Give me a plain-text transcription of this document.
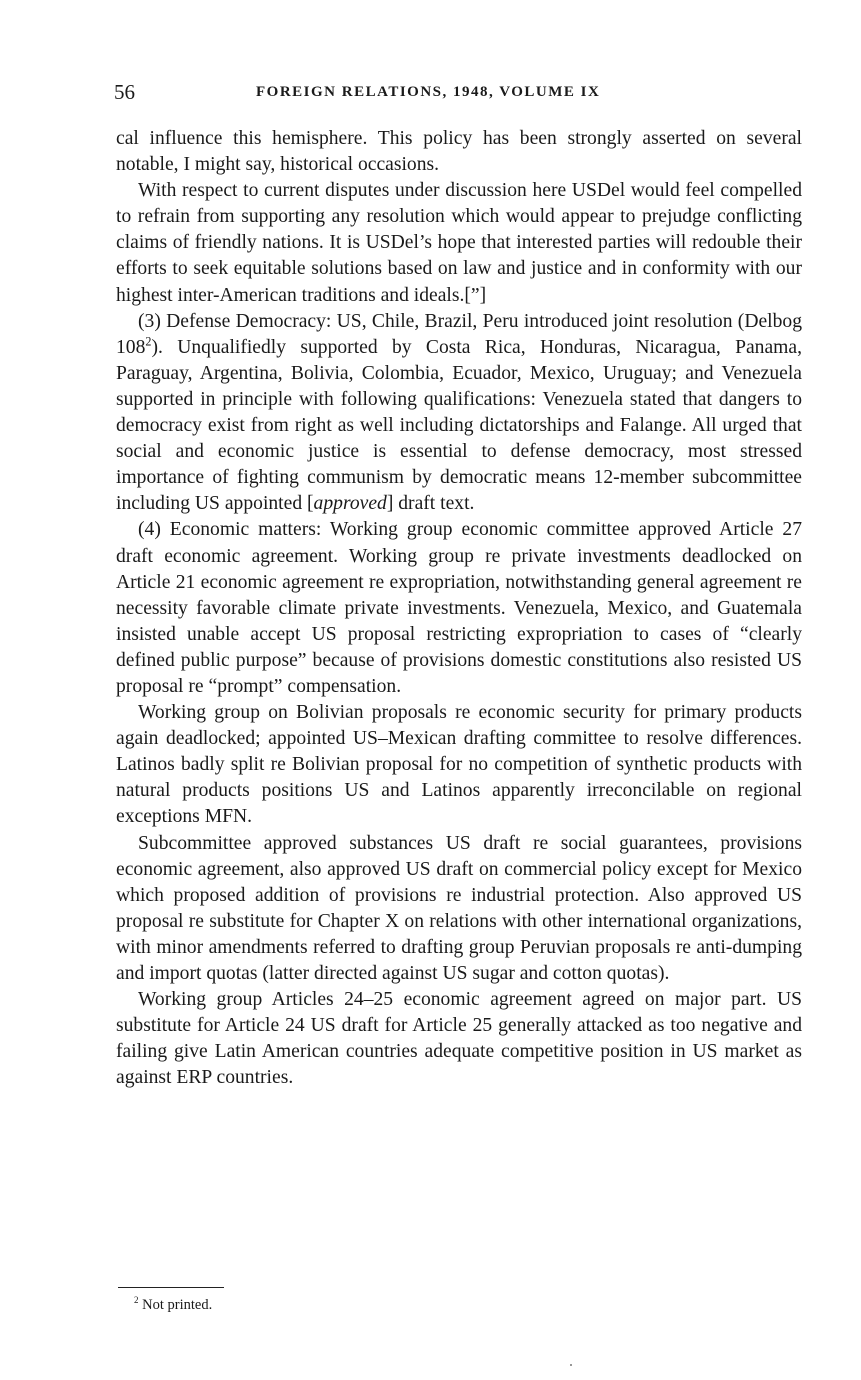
56	FOREIGN RELATIONS, 1948, VOLUME IX

cal influence this hemisphere. This policy has been strongly asserted on several notable, I might say, historical occasions.

With respect to current disputes under discussion here USDel would feel compelled to refrain from supporting any resolution which would appear to prejudge conflicting claims of friendly nations. It is USDel’s hope that interested parties will redouble their efforts to seek equitable solutions based on law and justice and in conformity with our highest inter-American traditions and ideals.[”]

(3) Defense Democracy: US, Chile, Brazil, Peru introduced joint resolution (Delbog $108^2$). Unqualifiedly supported by Costa Rica, Honduras, Nicaragua, Panama, Paraguay, Argentina, Bolivia, Colombia, Ecuador, Mexico, Uruguay; and Venezuela supported in principle with following qualifications: Venezuela stated that dangers to democracy exist from right as well including dictatorships and Falange. All urged that social and economic justice is essential to defense democracy, most stressed importance of fighting communism by democratic means 12-member subcommittee including US appointed [approved] draft text.

(4) Economic matters: Working group economic committee approved Article 27 draft economic agreement. Working group re private investments deadlocked on Article 21 economic agreement re expropriation, notwithstanding general agreement re necessity favorable climate private investments. Venezuela, Mexico, and Guatemala insisted unable accept US proposal restricting expropriation to cases of “clearly defined public purpose” because of provisions domestic constitutions also resisted US proposal re “prompt” compensation.

Working group on Bolivian proposals re economic security for primary products again deadlocked; appointed US–Mexican drafting committee to resolve differences. Latinos badly split re Bolivian proposal for no competition of synthetic products with natural products positions US and Latinos apparently irreconcilable on regional exceptions MFN.

Subcommittee approved substances US draft re social guarantees, provisions economic agreement, also approved US draft on commercial policy except for Mexico which proposed addition of provisions re industrial protection. Also approved US proposal re substitute for Chapter X on relations with other international organizations, with minor amendments referred to drafting group Peruvian proposals re anti-dumping and import quotas (latter directed against US sugar and cotton quotas).

Working group Articles 24–25 economic agreement agreed on major part. US substitute for Article 24 US draft for Article 25 generally attacked as too negative and failing give Latin American countries adequate competitive position in US market as against ERP countries.

$^2$ Not printed.
